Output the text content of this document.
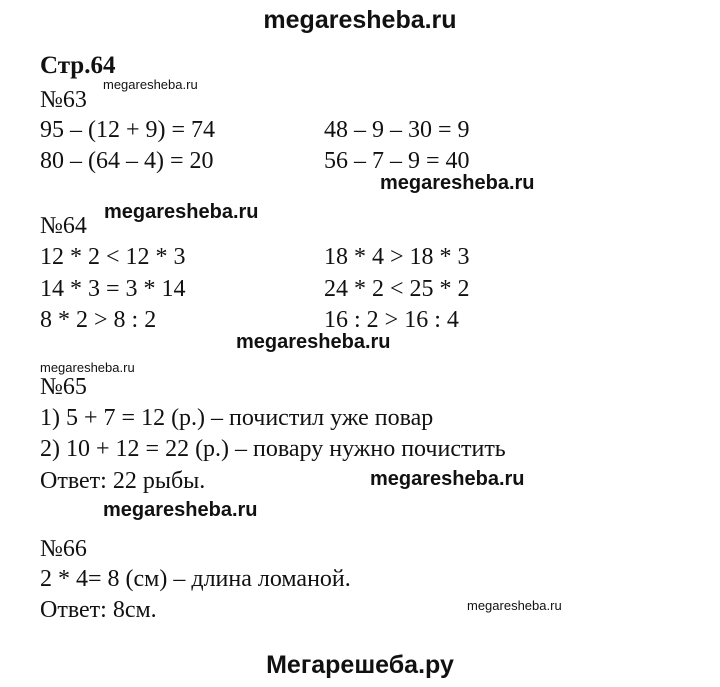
megaresheba.ru
Стр.64
megaresheba.ru
№63
95 – (12 + 9) = 74
80 – (64 – 4) = 20
48 – 9 – 30 = 9
56 – 7 – 9 = 40
megaresheba.ru
megaresheba.ru
№64
12 * 2 < 12 * 3
14 * 3 = 3 * 14
8 * 2 > 8 : 2
18 * 4 > 18 * 3
24 * 2 < 25 * 2
16 : 2 > 16 : 4
megaresheba.ru
megaresheba.ru
№65
1) 5 + 7 = 12 (р.) – почистил уже повар
2) 10 + 12 = 22 (р.) – повару нужно почистить
Ответ: 22 рыбы.	megaresheba.ru
megaresheba.ru
№66
2 * 4= 8 (см) – длина ломаной.
Ответ: 8см.	megaresheba.ru
Мегарешеба.ру
